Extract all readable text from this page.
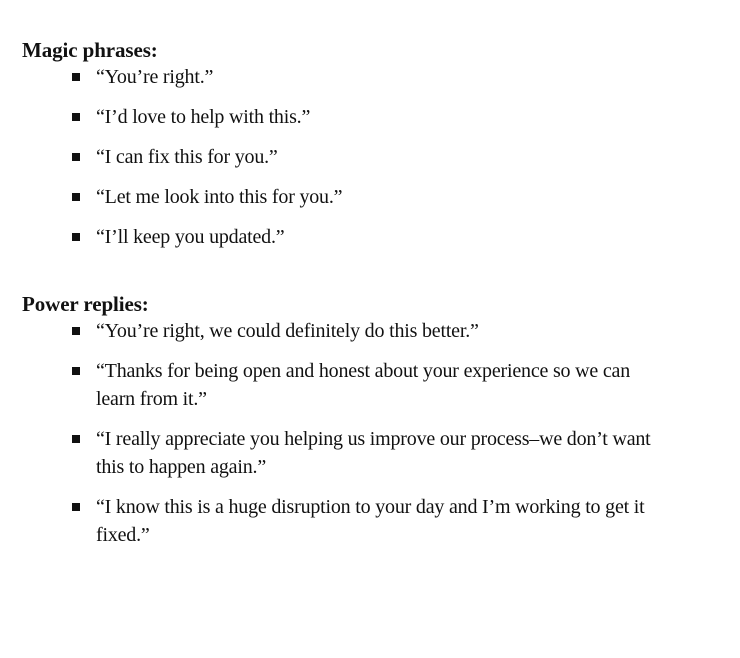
Magic phrases:
“You’re right.”
“I’d love to help with this.”
“I can fix this for you.”
“Let me look into this for you.”
“I’ll keep you updated.”
Power replies:
“You’re right, we could definitely do this better.”
“Thanks for being open and honest about your experience so we can learn from it.”
“I really appreciate you helping us improve our process–we don’t want this to happen again.”
“I know this is a huge disruption to your day and I’m working to get it fixed.”
